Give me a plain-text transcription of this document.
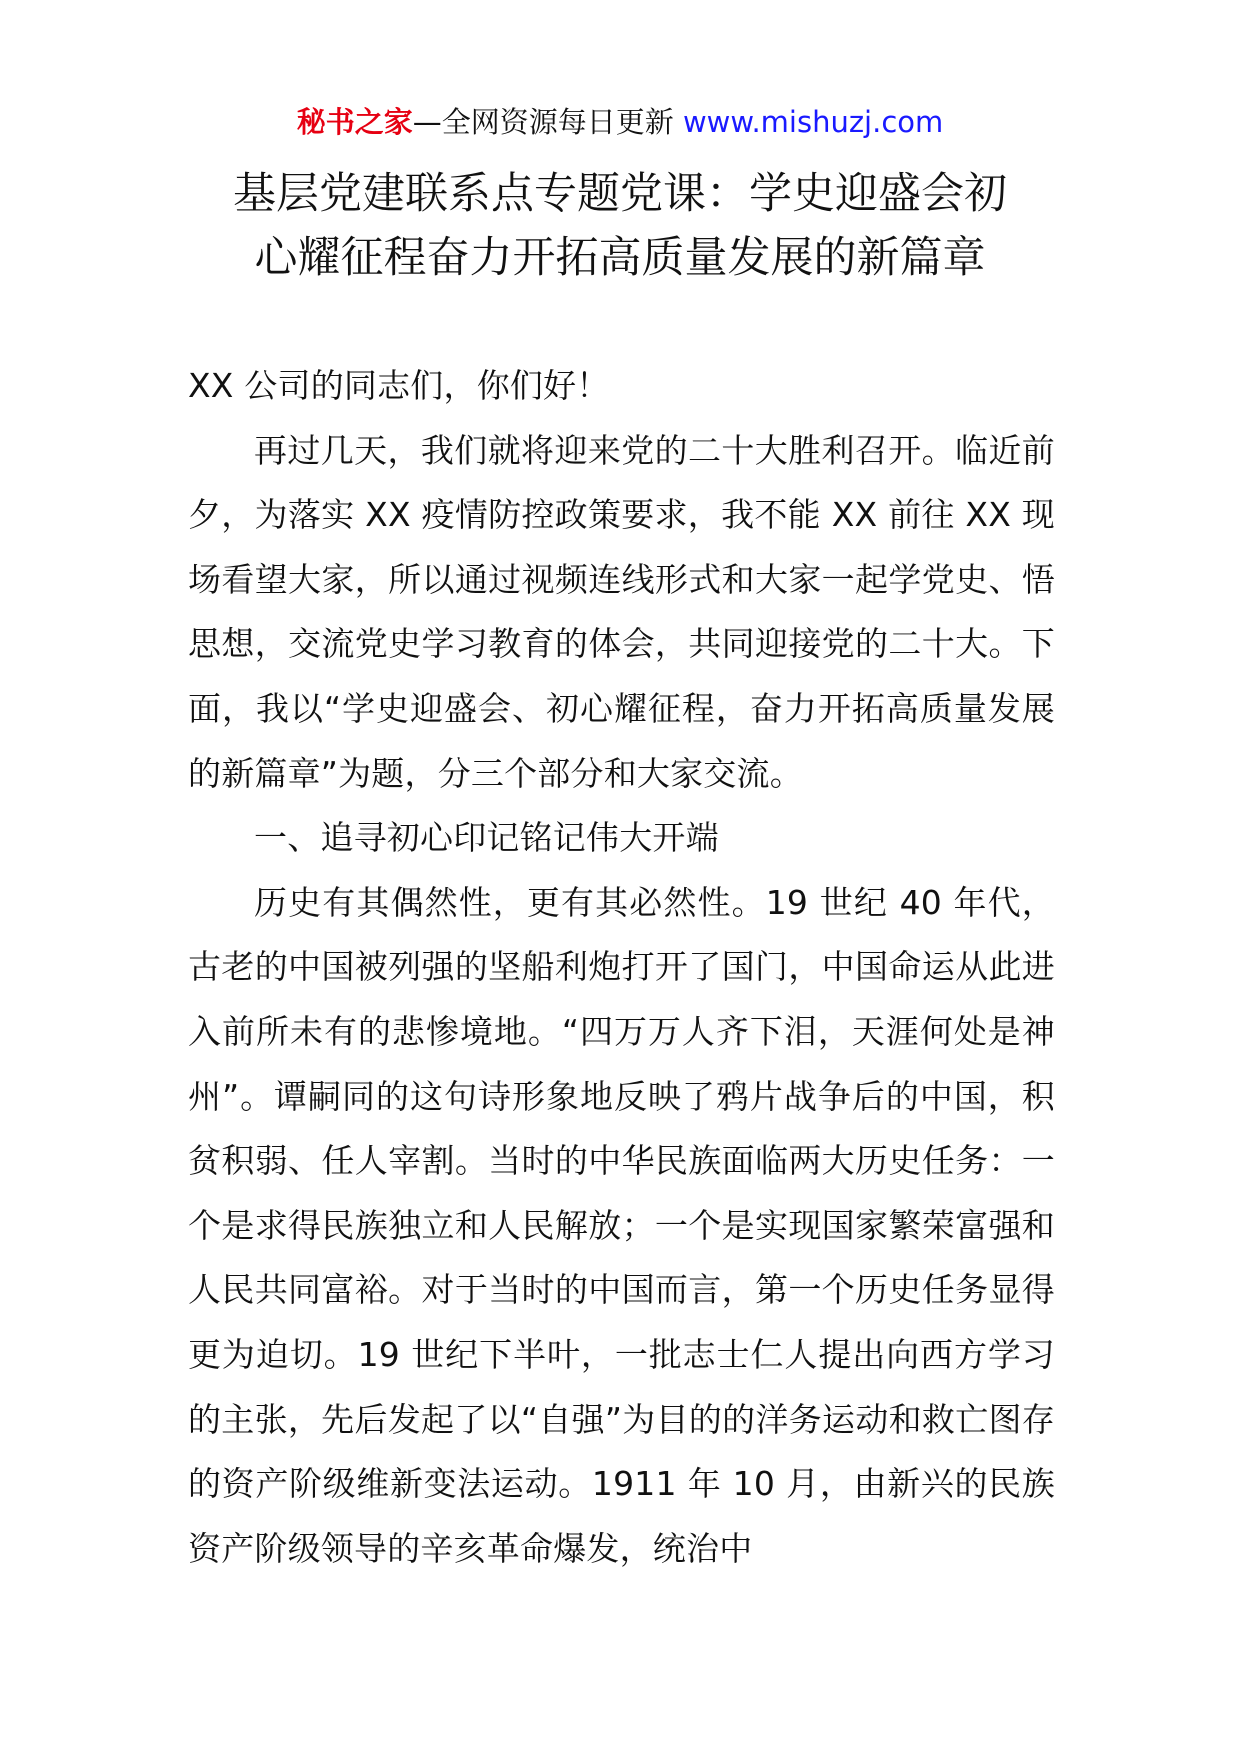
秘书之家—全网资源每日更新 www.mishuzj.com
基层党建联系点专题党课：学史迎盛会初
心耀征程奋力开拓高质量发展的新篇章

XX 公司的同志们，你们好！

再过几天，我们就将迎来党的二十大胜利召开。临近前夕，为落实 XX 疫情防控政策要求，我不能 XX 前往 XX 现场看望大家，所以通过视频连线形式和大家一起学党史、悟思想，交流党史学习教育的体会，共同迎接党的二十大。下面，我以“学史迎盛会、初心耀征程，奋力开拓高质量发展的新篇章”为题，分三个部分和大家交流。

一、追寻初心印记铭记伟大开端

历史有其偶然性，更有其必然性。19 世纪 40 年代，古老的中国被列强的坚船利炮打开了国门，中国命运从此进入前所未有的悲惨境地。“四万万人齐下泪，天涯何处是神州”。谭嗣同的这句诗形象地反映了鸦片战争后的中国，积贫积弱、任人宰割。当时的中华民族面临两大历史任务：一个是求得民族独立和人民解放；一个是实现国家繁荣富强和人民共同富裕。对于当时的中国而言，第一个历史任务显得更为迫切。19 世纪下半叶，一批志士仁人提出向西方学习的主张，先后发起了以“自强”为目的的洋务运动和救亡图存的资产阶级维新变法运动。1911 年 10 月，由新兴的民族资产阶级领导的辛亥革命爆发，统治中
